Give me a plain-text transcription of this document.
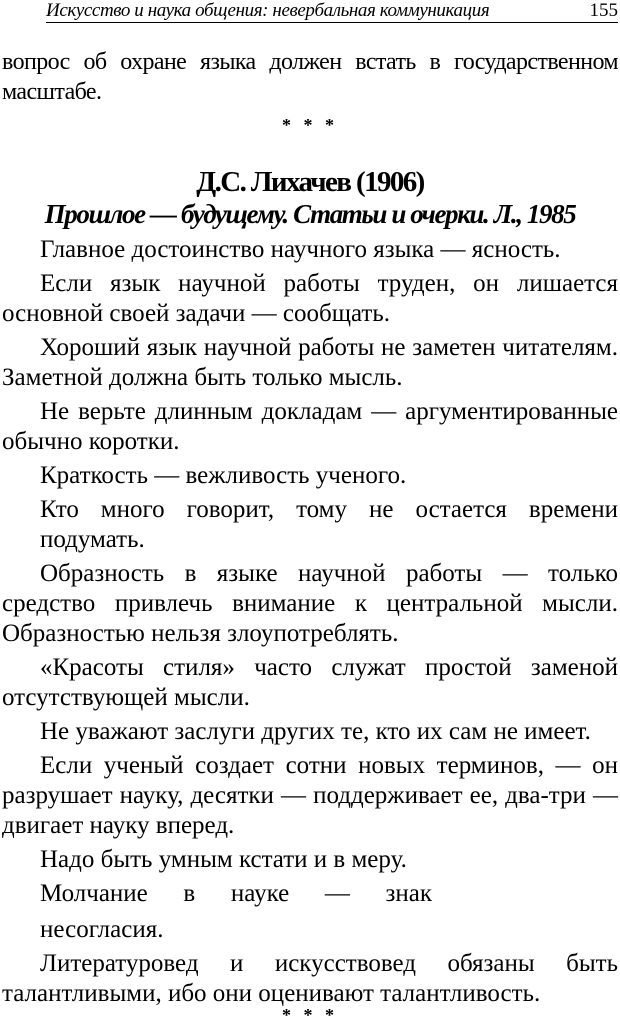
Искусство и наука общения: невербальная коммуникация	155
вопрос об охране языка должен встать в государственном
масштабе.
* * *
Д.С. Лихачев (1906)
Прошлое — будущему. Статьи и очерки. Л., 1985

Главное достоинство научного языка — ясность.

Если язык научной работы труден, он лишается основной своей задачи — сообщать.

Хороший язык научной работы не заметен читателям. Заметной должна быть только мысль.

Не верьте длинным докладам — аргументированные обычно коротки.

Краткость — вежливость ученого.

Кто много говорит, тому не остается времени подумать.

Образность в языке научной работы — только средство привлечь внимание к центральной мысли. Образностью нельзя злоупотреблять.

«Красоты стиля» часто служат простой заменой отсутствующей мысли.

Не уважают заслуги других те, кто их сам не имеет.

Если ученый создает сотни новых терминов, — он разрушает науку, десятки — поддерживает ее, два-три — двигает науку вперед.

Надо быть умным кстати и в меру.

Молчание в науке — знак
несогласия.

Литературовед и искусствовед обязаны быть талантливыми, ибо они оценивают талантливость.

* * *
